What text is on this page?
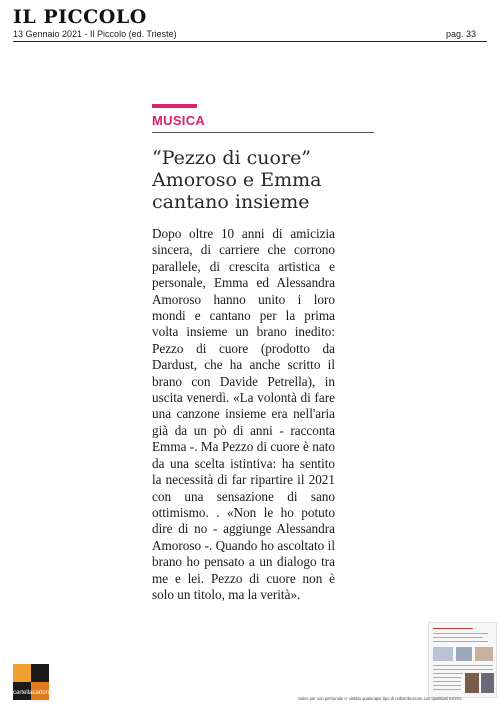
IL PICCOLO
13 Gennaio 2021 - Il Piccolo (ed. Trieste)	pag. 33
MUSICA
“Pezzo di cuore”
Amoroso e Emma
cantano insieme
Dopo oltre 10 anni di amicizia sincera, di carriere che corrono parallele, di crescita artistica e personale, Emma ed Alessandra Amoroso hanno unito i loro mondi e cantano per la prima volta insieme un brano inedito: Pezzo di cuore (prodotto da Dardust, che ha anche scritto il brano con Davide Petrella), in uscita venerdì. «La volontà di fare una canzone insieme era nell'aria già da un pò di anni - racconta Emma -. Ma Pezzo di cuore è nato da una scelta istintiva: ha sentito la necessità di far ripartire il 2021 con una sensazione di sano ottimismo. . «Non le ho potuto dire di no - aggiunge Alessandra Amoroso -. Quando ho ascoltato il brano ho pensato a un dialogo tra me e lei. Pezzo di cuore non è solo un titolo, ma la verità».
cartellacartonì
Salvo per uso personale e' vietato qualunque tipo di redistribuzione con qualsiasi mezzo.
